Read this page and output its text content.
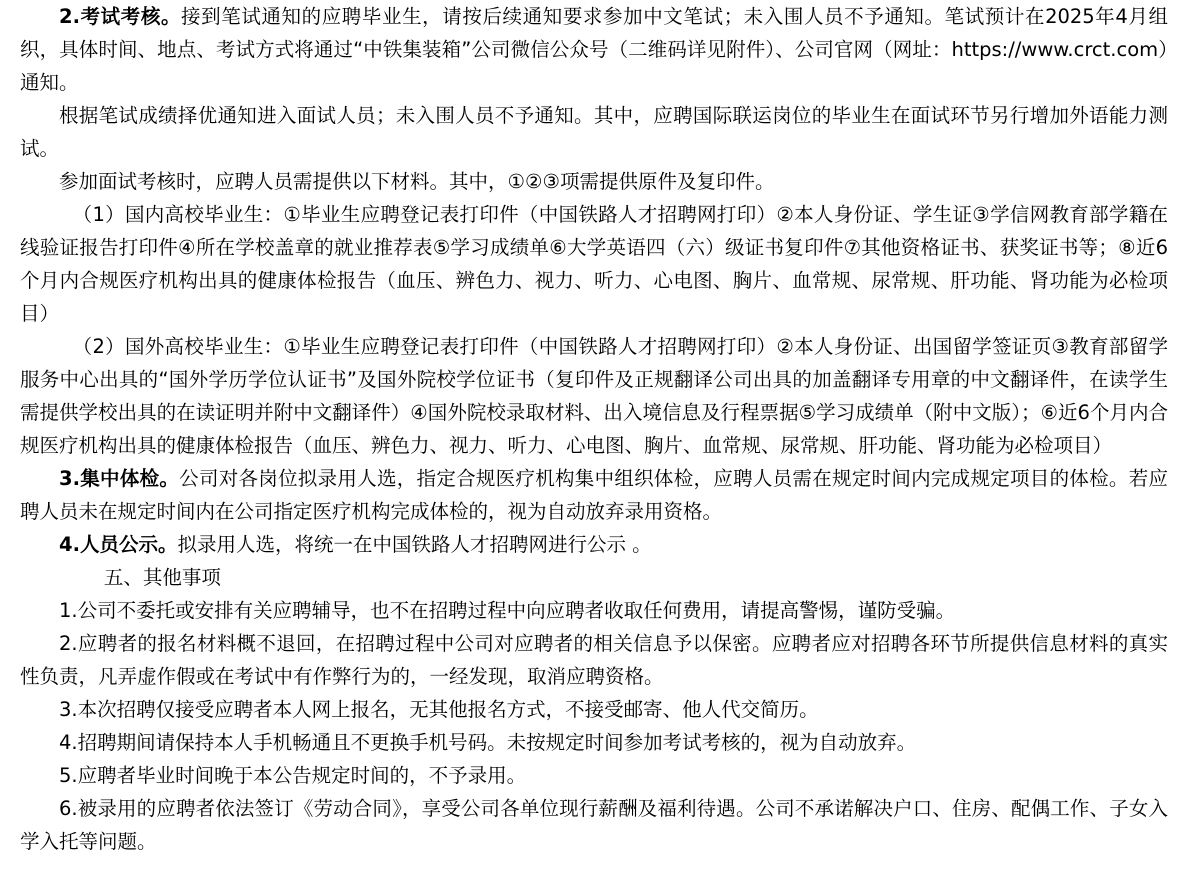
2.考试考核。接到笔试通知的应聘毕业生，请按后续通知要求参加中文笔试；未入围人员不予通知。笔试预计在2025年4月组织，具体时间、地点、考试方式将通过“中铁集装箱”公司微信公众号（二维码详见附件）、公司官网（网址：https://www.crct.com）通知。

根据笔试成绩择优通知进入面试人员；未入围人员不予通知。其中，应聘国际联运岗位的毕业生在面试环节另行增加外语能力测试。

参加面试考核时，应聘人员需提供以下材料。其中，①②③项需提供原件及复印件。

（1）国内高校毕业生：①毕业生应聘登记表打印件（中国铁路人才招聘网打印）②本人身份证、学生证③学信网教育部学籍在线验证报告打印件④所在学校盖章的就业推荐表⑤学习成绩单⑥大学英语四（六）级证书复印件⑦其他资格证书、获奖证书等；⑧近6个月内合规医疗机构出具的健康体检报告（血压、辨色力、视力、听力、心电图、胸片、血常规、尿常规、肝功能、肾功能为必检项目）

（2）国外高校毕业生：①毕业生应聘登记表打印件（中国铁路人才招聘网打印）②本人身份证、出国留学签证页③教育部留学服务中心出具的“国外学历学位认证书”及国外院校学位证书（复印件及正规翻译公司出具的加盖翻译专用章的中文翻译件，在读学生需提供学校出具的在读证明并附中文翻译件）④国外院校录取材料、出入境信息及行程票据⑤学习成绩单（附中文版）；⑥近6个月内合规医疗机构出具的健康体检报告（血压、辨色力、视力、听力、心电图、胸片、血常规、尿常规、肝功能、肾功能为必检项目）

3.集中体检。公司对各岗位拟录用人选，指定合规医疗机构集中组织体检，应聘人员需在规定时间内完成规定项目的体检。若应聘人员未在规定时间内在公司指定医疗机构完成体检的，视为自动放弃录用资格。

4.人员公示。拟录用人选，将统一在中国铁路人才招聘网进行公示 。

五、其他事项

1.公司不委托或安排有关应聘辅导，也不在招聘过程中向应聘者收取任何费用，请提高警惕，谨防受骗。

2.应聘者的报名材料概不退回，在招聘过程中公司对应聘者的相关信息予以保密。应聘者应对招聘各环节所提供信息材料的真实性负责，凡弄虚作假或在考试中有作弊行为的，一经发现，取消应聘资格。

3.本次招聘仅接受应聘者本人网上报名，无其他报名方式，不接受邮寄、他人代交简历。

4.招聘期间请保持本人手机畅通且不更换手机号码。未按规定时间参加考试考核的，视为自动放弃。

5.应聘者毕业时间晚于本公告规定时间的，不予录用。

6.被录用的应聘者依法签订《劳动合同》，享受公司各单位现行薪酬及福利待遇。公司不承诺解决户口、住房、配偶工作、子女入学入托等问题。
